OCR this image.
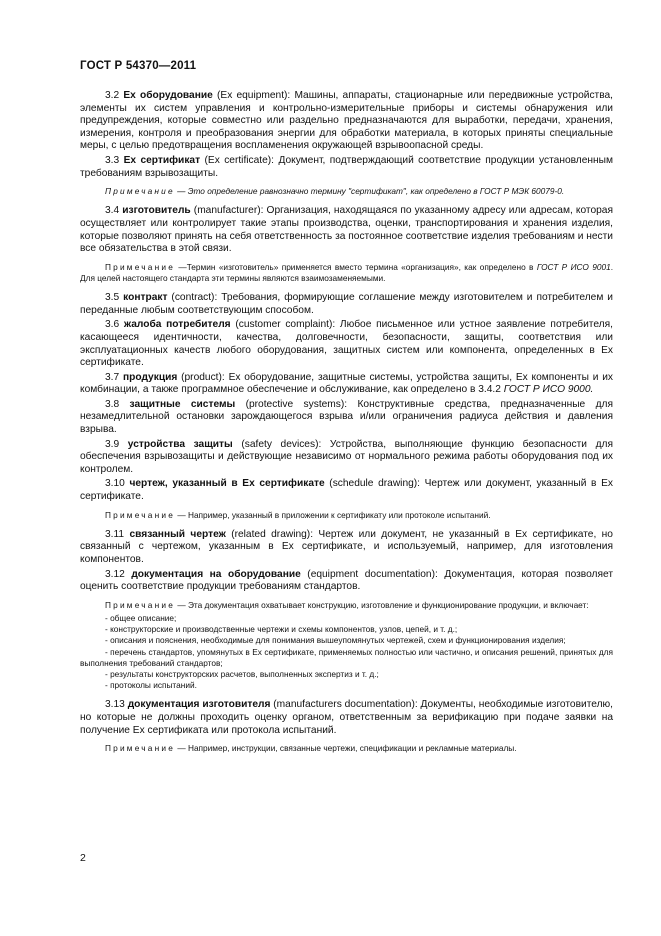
ГОСТ Р 54370—2011

3.2 Ex оборудование (Ex equipment): Машины, аппараты, стационарные или передвижные устройства, элементы их систем управления и контрольно-измерительные приборы и системы обнаружения или предупреждения, которые совместно или раздельно предназначаются для выработки, передачи, хранения, измерения, контроля и преобразования энергии для обработки материала, в которых приняты специальные меры, с целью предотвращения воспламенения окружающей взрывоопасной среды.

3.3 Ex сертификат (Ex certificate): Документ, подтверждающий соответствие продукции установленным требованиям взрывозащиты.

Примечание — Это определение равнозначно термину "сертификат", как определено в ГОСТ Р МЭК 60079-0.

3.4 изготовитель (manufacturer): Организация, находящаяся по указанному адресу или адресам, которая осуществляет или контролирует такие этапы производства, оценки, транспортирования и хранения изделия, которые позволяют принять на себя ответственность за постоянное соответствие изделия требованиям и нести все обязательства в этой связи.

Примечание —Термин «изготовитель» применяется вместо термина «организация», как определено в ГОСТ Р ИСО 9001. Для целей настоящего стандарта эти термины являются взаимозаменяемыми.

3.5 контракт (contract): Требования, формирующие соглашение между изготовителем и потребителем и переданные любым соответствующим способом.

3.6 жалоба потребителя (customer complaint): Любое письменное или устное заявление потребителя, касающееся идентичности, качества, долговечности, безопасности, защиты, соответствия или эксплуатационных качеств любого оборудования, защитных систем или компонента, определенных в Ex сертификате.

3.7 продукция (product): Ex оборудование, защитные системы, устройства защиты, Ex компоненты и их комбинации, а также программное обеспечение и обслуживание, как определено в 3.4.2 ГОСТ Р ИСО 9000.

3.8 защитные системы (protective systems): Конструктивные средства, предназначенные для незамедлительной остановки зарождающегося взрыва и/или ограничения радиуса действия и давления взрыва.

3.9 устройства защиты (safety devices): Устройства, выполняющие функцию безопасности для обеспечения взрывозащиты и действующие независимо от нормального режима работы оборудования под их контролем.

3.10 чертеж, указанный в Ex сертификате (schedule drawing): Чертеж или документ, указанный в Ex сертификате.

Примечание — Например, указанный в приложении к сертификату или протоколе испытаний.

3.11 связанный чертеж (related drawing): Чертеж или документ, не указанный в Ex сертификате, но связанный с чертежом, указанным в Ex сертификате, и используемый, например, для изготовления компонентов.

3.12 документация на оборудование (equipment documentation): Документация, которая позволяет оценить соответствие продукции требованиям стандартов.

Примечание — Эта документация охватывает конструкцию, изготовление и функционирование продукции, и включает:

- общее описание;

- конструкторские и производственные чертежи и схемы компонентов, узлов, цепей, и т. д.;

- описания и пояснения, необходимые для понимания вышеупомянутых чертежей, схем и функционирования изделия;

- перечень стандартов, упомянутых в Ex сертификате, применяемых полностью или частично, и описания решений, принятых для выполнения требований стандартов;

- результаты конструкторских расчетов, выполненных экспертиз и т. д.;

- протоколы испытаний.

3.13 документация изготовителя (manufacturers documentation): Документы, необходимые изготовителю, но которые не должны проходить оценку органом, ответственным за верификацию при подаче заявки на получение Ex сертификата или протокола испытаний.

Примечание — Например, инструкции, связанные чертежи, спецификации и рекламные материалы.

2
